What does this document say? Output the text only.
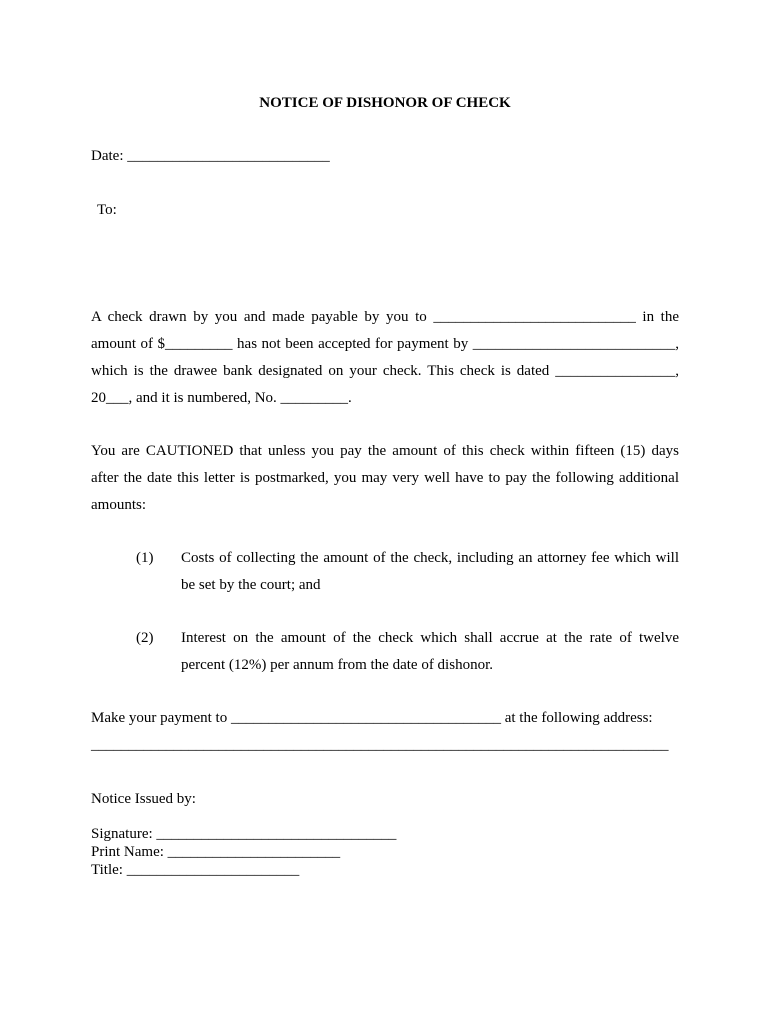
NOTICE OF DISHONOR OF CHECK
Date: ___________________________
To:
A check drawn by you and made payable by you to ___________________________ in the
amount of $_________ has not been accepted for payment by ___________________________,
which is the drawee bank designated on your check. This check is dated ________________,
20___, and it is numbered, No. _________.
You are CAUTIONED that unless you pay the amount of this check within fifteen (15) days
after the date this letter is postmarked, you may very well have to pay the following additional
amounts:
(1) Costs of collecting the amount of the check, including an attorney fee which will
be set by the court; and
(2) Interest on the amount of the check which shall accrue at the rate of twelve
percent (12%) per annum from the date of dishonor.
Make your payment to ____________________________________ at the following address:
_____________________________________________________________________________
Notice Issued by:
Signature: ________________________________
Print Name: _______________________
Title: _______________________
